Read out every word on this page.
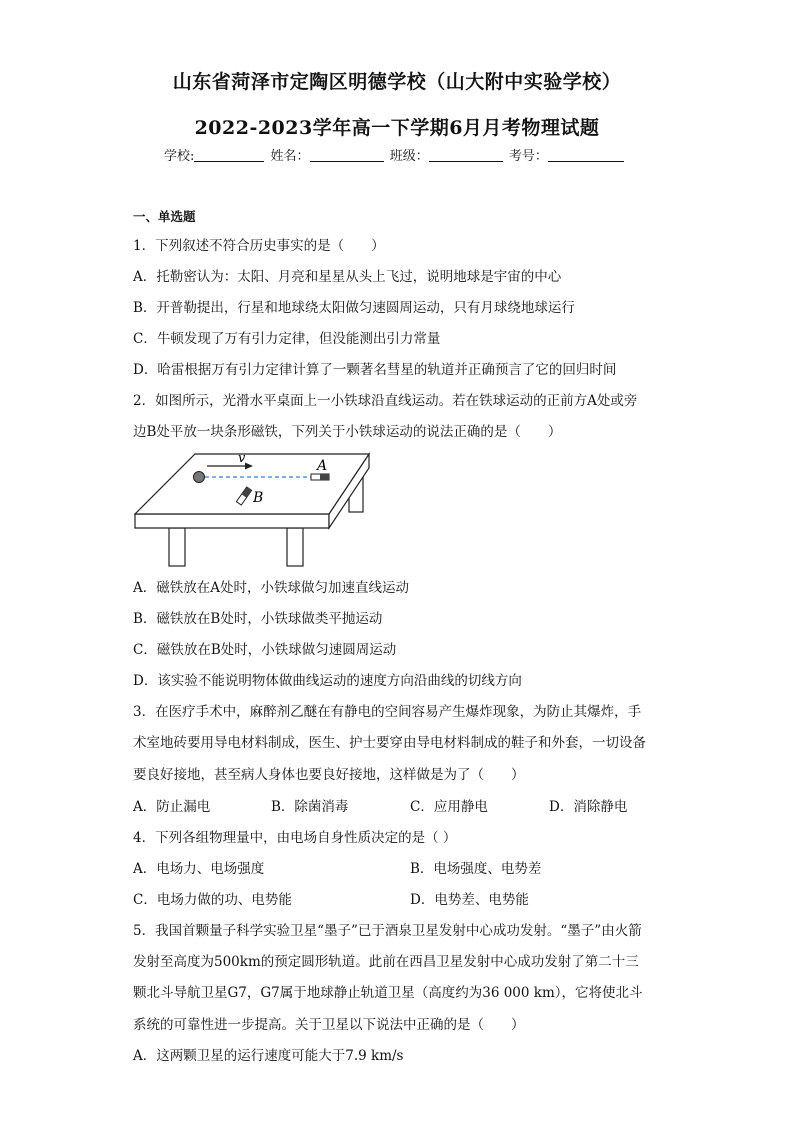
山东省菏泽市定陶区明德学校（山大附中实验学校）
2022-2023学年高一下学期6月月考物理试题
学校:	姓名：	班级：	考号：
一、单选题
1．下列叙述不符合历史事实的是（　　）
A．托勒密认为：太阳、月亮和星星从头上飞过，说明地球是宇宙的中心
B．开普勒提出，行星和地球绕太阳做匀速圆周运动，只有月球绕地球运行
C．牛顿发现了万有引力定律，但没能测出引力常量
D．哈雷根据万有引力定律计算了一颗著名彗星的轨道并正确预言了它的回归时间
2．如图所示，光滑水平桌面上一小铁球沿直线运动。若在铁球运动的正前方A处或旁
边B处平放一块条形磁铁，下列关于小铁球运动的说法正确的是（　　）
v	A
B
A．磁铁放在A处时，小铁球做匀加速直线运动
B．磁铁放在B处时，小铁球做类平抛运动
C．磁铁放在B处时，小铁球做匀速圆周运动
D．该实验不能说明物体做曲线运动的速度方向沿曲线的切线方向
3．在医疗手术中，麻醉剂乙醚在有静电的空间容易产生爆炸现象，为防止其爆炸，手
术室地砖要用导电材料制成，医生、护士要穿由导电材料制成的鞋子和外套，一切设备
要良好接地，甚至病人身体也要良好接地，这样做是为了（　　）
A．防止漏电	B．除菌消毒	C．应用静电	D．消除静电
4．下列各组物理量中，由电场自身性质决定的是（ ）
A．电场力、电场强度	B．电场强度、电势差
C．电场力做的功、电势能	D．电势差、电势能
5．我国首颗量子科学实验卫星“墨子”已于酒泉卫星发射中心成功发射。“墨子”由火箭
发射至高度为500km的预定圆形轨道。此前在西昌卫星发射中心成功发射了第二十三
颗北斗导航卫星G7，G7属于地球静止轨道卫星（高度约为36 000 km），它将使北斗
系统的可靠性进一步提高。关于卫星以下说法中正确的是（　　）
A．这两颗卫星的运行速度可能大于7.9 km/s
